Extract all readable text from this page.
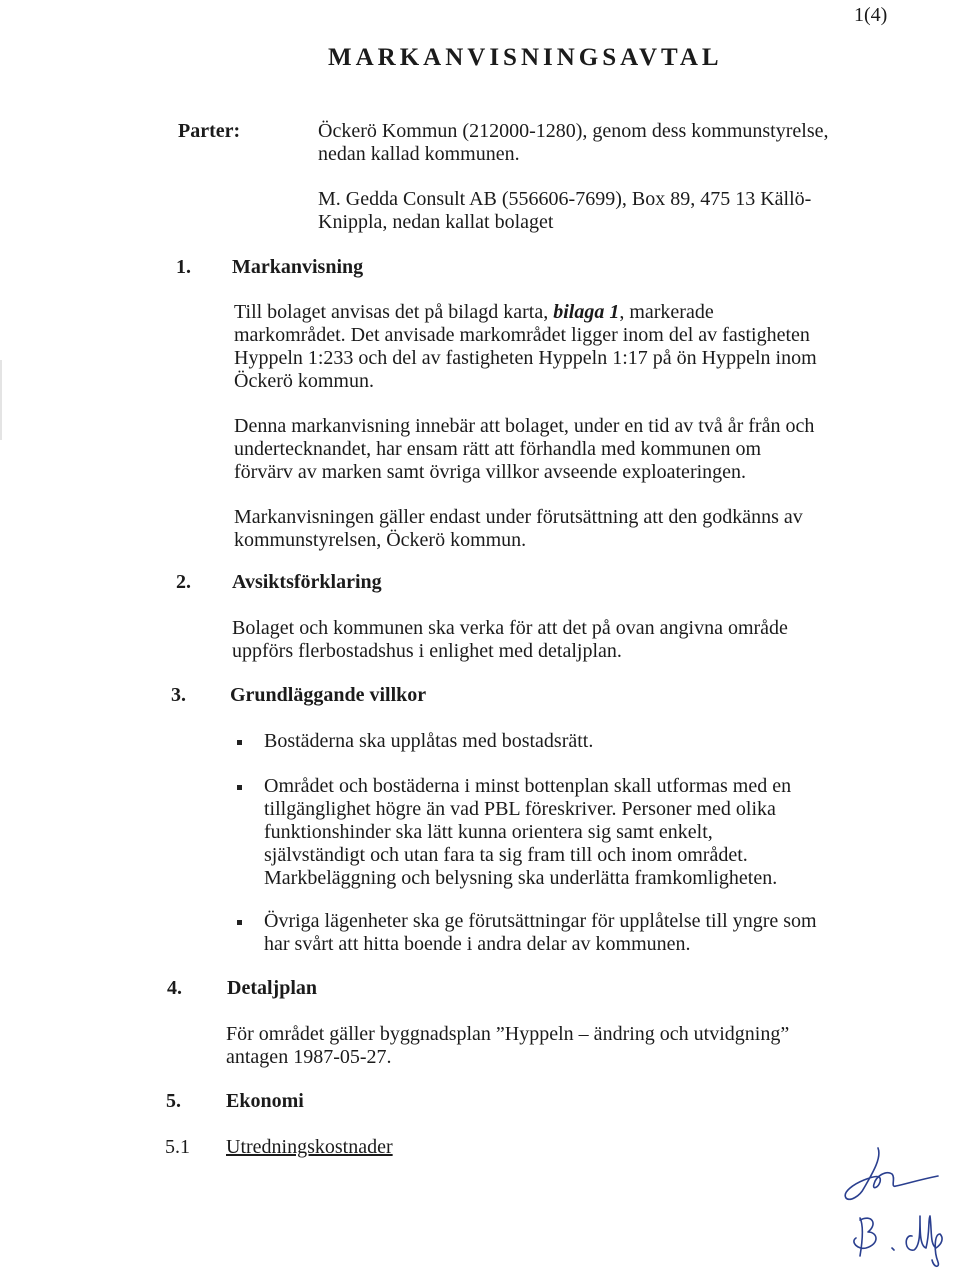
1(4)
MARKANVISNINGSAVTAL
Parter:	Öckerö Kommun (212000-1280), genom dess kommunstyrelse,
nedan kallad kommunen.
M. Gedda Consult AB (556606-7699), Box 89, 475 13 Källö-
Knippla, nedan kallat bolaget
1. Markanvisning
Till bolaget anvisas det på bilagd karta, bilaga 1, markerade
markområdet. Det anvisade markområdet ligger inom del av fastigheten
Hyppeln 1:233 och del av fastigheten Hyppeln 1:17 på ön Hyppeln inom
Öckerö kommun.
Denna markanvisning innebär att bolaget, under en tid av två år från och
undertecknandet, har ensam rätt att förhandla med kommunen om
förvärv av marken samt övriga villkor avseende exploateringen.
Markanvisningen gäller endast under förutsättning att den godkänns av
kommunstyrelsen, Öckerö kommun.
2. Avsiktsförklaring
Bolaget och kommunen ska verka för att det på ovan angivna område
uppförs flerbostadshus i enlighet med detaljplan.
3. Grundläggande villkor
Bostäderna ska upplåtas med bostadsrätt.
Området och bostäderna i minst bottenplan skall utformas med en
tillgänglighet högre än vad PBL föreskriver. Personer med olika
funktionshinder ska lätt kunna orientera sig samt enkelt,
självständigt och utan fara ta sig fram till och inom området.
Markbeläggning och belysning ska underlätta framkomligheten.
Övriga lägenheter ska ge förutsättningar för upplåtelse till yngre som
har svårt att hitta boende i andra delar av kommunen.
4. Detaljplan
För området gäller byggnadsplan ”Hyppeln – ändring och utvidgning”
antagen 1987-05-27.
5. Ekonomi
5.1 Utredningskostnader
